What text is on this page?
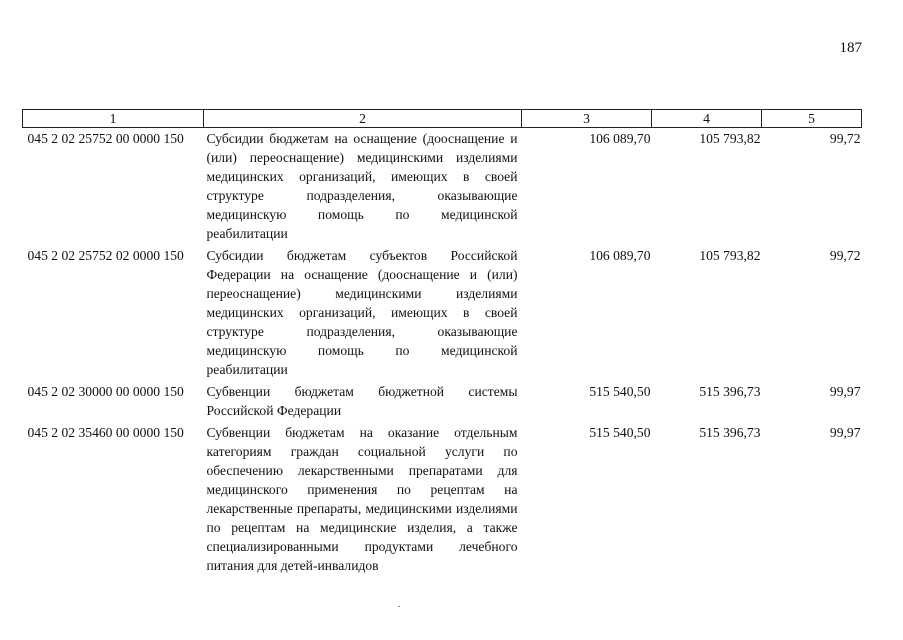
187
1	2	3	4	5
045 2 02 25752 00 0000 150	Субсидии бюджетам на оснащение (дооснащение и (или) переоснащение) медицинскими изделиями медицинских организаций, имеющих в своей структуре подразделения, оказывающие медицинскую помощь по медицинской реабилитации	106 089,70	105 793,82	99,72
045 2 02 25752 02 0000 150	Субсидии бюджетам субъектов Российской Федерации на оснащение (дооснащение и (или) переоснащение) медицинскими изделиями медицинских организаций, имеющих в своей структуре подразделения, оказывающие медицинскую помощь по медицинской реабилитации	106 089,70	105 793,82	99,72
045 2 02 30000 00 0000 150	Субвенции бюджетам бюджетной системы Российской Федерации	515 540,50	515 396,73	99,97
045 2 02 35460 00 0000 150	Субвенции бюджетам на оказание отдельным категориям граждан социальной услуги по обеспечению лекарственными препаратами для медицинского применения по рецептам на лекарственные препараты, медицинскими изделиями по рецептам на медицинские изделия, а также специализированными продуктами лечебного питания для детей-инвалидов	515 540,50	515 396,73	99,97
